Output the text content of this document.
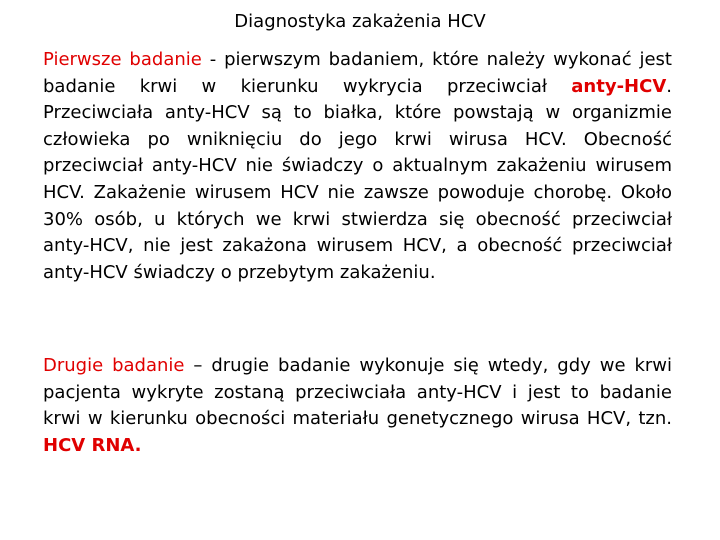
Diagnostyka zakażenia HCV

Pierwsze badanie - pierwszym badaniem, które należy wykonać jest badanie krwi w kierunku wykrycia przeciwciał anty-HCV. Przeciwciała anty-HCV są to białka, które powstają w organizmie człowieka po wniknięciu do jego krwi wirusa HCV. Obecność przeciwciał anty-HCV nie świadczy o aktualnym zakażeniu wirusem HCV. Zakażenie wirusem HCV nie zawsze powoduje chorobę. Około 30% osób, u których we krwi stwierdza się obecność przeciwciał anty-HCV, nie jest zakażona wirusem HCV, a obecność przeciwciał anty-HCV świadczy o przebytym zakażeniu.

Drugie badanie – drugie badanie wykonuje się wtedy, gdy we krwi pacjenta wykryte zostaną przeciwciała anty-HCV i jest to badanie krwi w kierunku obecności materiału genetycznego wirusa HCV, tzn. HCV RNA.
